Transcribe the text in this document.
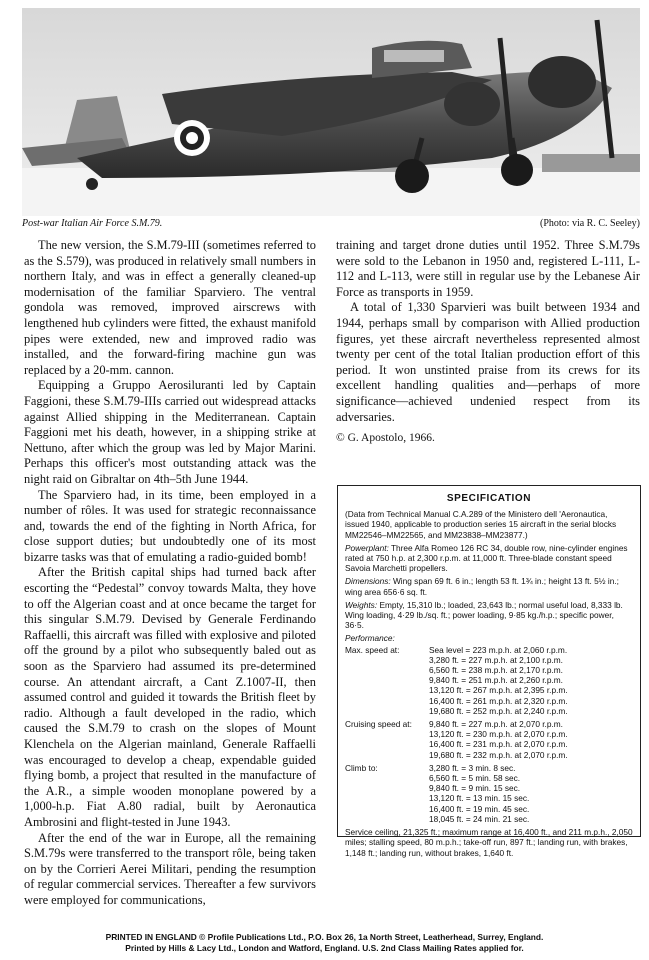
Post-war Italian Air Force S.M.79.	(Photo: via R. C. Seeley)

The new version, the S.M.79-III (sometimes referred to as the S.579), was produced in relatively small numbers in northern Italy, and was in effect a generally cleaned-up modernisation of the familiar Sparviero. The ventral gondola was removed, improved airscrews with lengthened hub cylinders were fitted, the exhaust manifold pipes were extended, new and improved radio was installed, and the forward-firing machine gun was replaced by a 20-mm. cannon.

Equipping a Gruppo Aerosiluranti led by Captain Faggioni, these S.M.79-IIIs carried out widespread attacks against Allied shipping in the Mediterranean. Captain Faggioni met his death, however, in a shipping strike at Nettuno, after which the group was led by Major Marini. Perhaps this officer's most outstanding attack was the night raid on Gibraltar on 4th–5th June 1944.

The Sparviero had, in its time, been employed in a number of rôles. It was used for strategic reconnaissance and, towards the end of the fighting in North Africa, for close support duties; but undoubtedly one of its most bizarre tasks was that of emulating a radio-guided bomb!

After the British capital ships had turned back after escorting the “Pedestal” convoy towards Malta, they hove to off the Algerian coast and at once became the target for this singular S.M.79. Devised by Generale Ferdinando Raffaelli, this aircraft was filled with explosive and piloted off the ground by a pilot who subsequently baled out as soon as the Sparviero had assumed its pre-determined course. An attendant aircraft, a Cant Z.1007-II, then assumed control and guided it towards the British fleet by radio. Although a fault developed in the radio, which caused the S.M.79 to crash on the slopes of Mount Klenchela on the Algerian mainland, Generale Raffaelli was encouraged to develop a cheap, expendable guided flying bomb, a project that resulted in the manufacture of the A.R., a simple wooden monoplane powered by a 1,000-h.p. Fiat A.80 radial, built by Aeronautica Ambrosini and flight-tested in June 1943.

After the end of the war in Europe, all the remaining S.M.79s were transferred to the transport rôle, being taken on by the Corrieri Aerei Militari, pending the resumption of regular commercial services. Thereafter a few survivors were employed for communications,

training and target drone duties until 1952. Three S.M.79s were sold to the Lebanon in 1950 and, registered L-111, L-112 and L-113, were still in regular use by the Lebanese Air Force as transports in 1959.

A total of 1,330 Sparvieri was built between 1934 and 1944, perhaps small by comparison with Allied production figures, yet these aircraft nevertheless represented almost twenty per cent of the total Italian production effort of this period. It won unstinted praise from its crews for its excellent handling qualities and—perhaps of more significance—achieved undenied respect from its adversaries.

© G. Apostolo, 1966.

SPECIFICATION

(Data from Technical Manual C.A.289 of the Ministero dell 'Aeronautica, issued 1940, applicable to production series 15 aircraft in the serial blocks MM22546–MM22565, and MM23838–MM23877.)

Powerplant: Three Alfa Romeo 126 RC 34, double row, nine-cylinder engines rated at 750 h.p. at 2,300 r.p.m. at 11,000 ft. Three-blade constant speed Savoia Marchetti propellers.

Dimensions: Wing span 69 ft. 6 in.; length 53 ft. 1¾ in.; height 13 ft. 5½ in.; wing area 656·6 sq. ft.

Weights: Empty, 15,310 lb.; loaded, 23,643 lb.; normal useful load, 8,333 lb. Wing loading, 4·29 lb./sq. ft.; power loading, 9·85 kg./h.p.; specific power, 36·5.

Performance:

Max. speed at:	Sea level = 223 m.p.h. at 2,060 r.p.m.
3,280 ft. = 227 m.p.h. at 2,100 r.p.m.
6,560 ft. = 238 m.p.h. at 2,170 r.p.m.
9,840 ft. = 251 m.p.h. at 2,260 r.p.m.
13,120 ft. = 267 m.p.h. at 2,395 r.p.m.
16,400 ft. = 261 m.p.h. at 2,320 r.p.m.
19,680 ft. = 252 m.p.h. at 2,240 r.p.m.
Cruising speed at:	9,840 ft. = 227 m.p.h. at 2,070 r.p.m.
13,120 ft. = 230 m.p.h. at 2,070 r.p.m.
16,400 ft. = 231 m.p.h. at 2,070 r.p.m.
19,680 ft. = 232 m.p.h. at 2,070 r.p.m.
Climb to:	3,280 ft. = 3 min. 8 sec.
6,560 ft. = 5 min. 58 sec.
9,840 ft. = 9 min. 15 sec.
13,120 ft. = 13 min. 15 sec.
16,400 ft. = 19 min. 45 sec.
18,045 ft. = 24 min. 21 sec.

Service ceiling, 21,325 ft.; maximum range at 16,400 ft., and 211 m.p.h., 2,050 miles; stalling speed, 80 m.p.h.; take-off run, 897 ft.; landing run, with brakes, 1,148 ft.; landing run, without brakes, 1,640 ft.

PRINTED IN ENGLAND © Profile Publications Ltd., P.O. Box 26, 1a North Street, Leatherhead, Surrey, England.
Printed by Hills & Lacy Ltd., London and Watford, England. U.S. 2nd Class Mailing Rates applied for.
